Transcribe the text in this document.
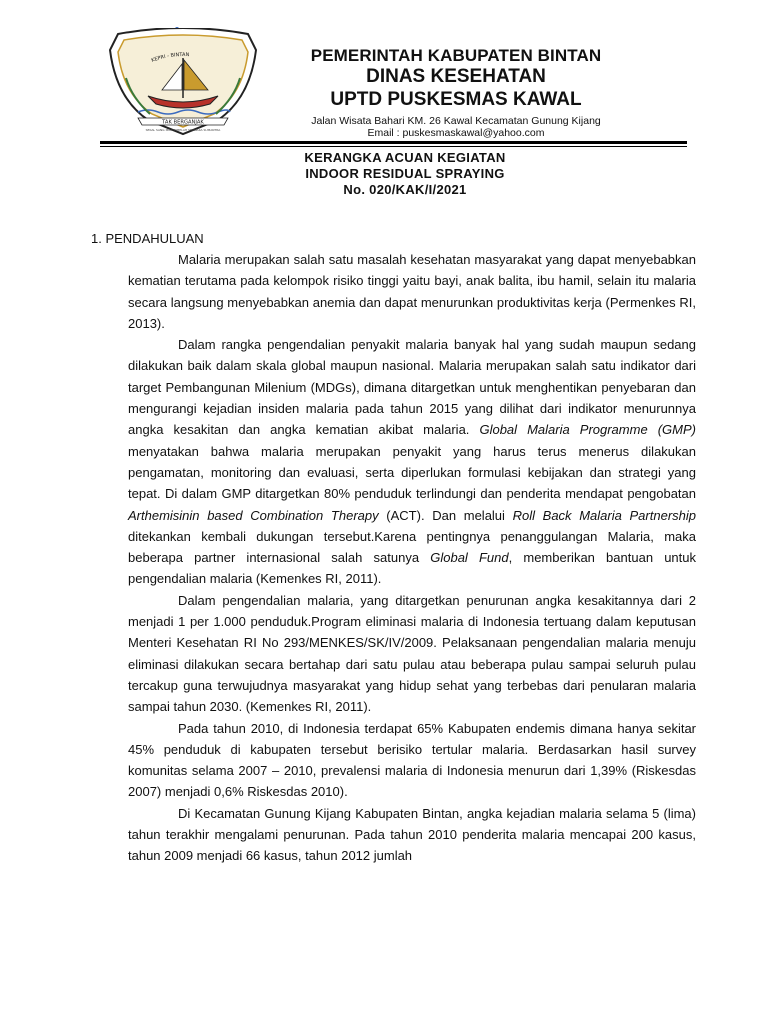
KEPRI - BINTAN
TAK BERGANJAK
SEKAL SANG MIAS DIBELAH SEMBAKA SUMANTRA
PEMERINTAH KABUPATEN BINTAN
DINAS KESEHATAN
UPTD PUSKESMAS KAWAL
Jalan Wisata Bahari KM. 26 Kawal Kecamatan Gunung Kijang
Email : puskesmaskawal@yahoo.com
KERANGKA ACUAN KEGIATAN
INDOOR RESIDUAL SPRAYING
No. 020/KAK/I/2021
1. PENDAHULUAN

Malaria merupakan salah satu masalah kesehatan masyarakat yang dapat menyebabkan kematian terutama pada kelompok risiko tinggi yaitu bayi, anak balita, ibu hamil, selain itu malaria secara langsung menyebabkan anemia dan dapat menurunkan produktivitas kerja (Permenkes RI, 2013).

Dalam rangka pengendalian penyakit malaria banyak hal yang sudah maupun sedang dilakukan baik dalam skala global maupun nasional. Malaria merupakan salah satu indikator dari target Pembangunan Milenium (MDGs), dimana ditargetkan untuk menghentikan penyebaran dan mengurangi kejadian insiden malaria pada tahun 2015 yang dilihat dari indikator menurunnya angka kesakitan dan angka kematian akibat malaria. Global Malaria Programme (GMP) menyatakan bahwa malaria merupakan penyakit yang harus terus menerus dilakukan pengamatan, monitoring dan evaluasi, serta diperlukan formulasi kebijakan dan strategi yang tepat. Di dalam GMP ditargetkan 80% penduduk terlindungi dan penderita mendapat pengobatan Arthemisinin based Combination Therapy (ACT). Dan melalui Roll Back Malaria Partnership ditekankan kembali dukungan tersebut.Karena pentingnya penanggulangan Malaria, maka beberapa partner internasional salah satunya Global Fund, memberikan bantuan untuk pengendalian malaria (Kemenkes RI, 2011).

Dalam pengendalian malaria, yang ditargetkan penurunan angka kesakitannya dari 2 menjadi 1 per 1.000 penduduk.Program eliminasi malaria di Indonesia tertuang dalam keputusan Menteri Kesehatan RI No 293/MENKES/SK/IV/2009. Pelaksanaan pengendalian malaria menuju eliminasi dilakukan secara bertahap dari satu pulau atau beberapa pulau sampai seluruh pulau tercakup guna terwujudnya masyarakat yang hidup sehat yang terbebas dari penularan malaria sampai tahun 2030. (Kemenkes RI, 2011).

Pada tahun 2010, di Indonesia terdapat 65% Kabupaten endemis dimana hanya sekitar 45% penduduk di kabupaten tersebut berisiko tertular malaria. Berdasarkan hasil survey komunitas selama 2007 – 2010, prevalensi malaria di Indonesia menurun dari 1,39% (Riskesdas 2007) menjadi 0,6% Riskesdas 2010).

Di Kecamatan Gunung Kijang Kabupaten Bintan, angka kejadian malaria selama 5 (lima) tahun terakhir mengalami penurunan. Pada tahun 2010 penderita malaria mencapai 200 kasus, tahun 2009 menjadi 66 kasus, tahun 2012 jumlah
